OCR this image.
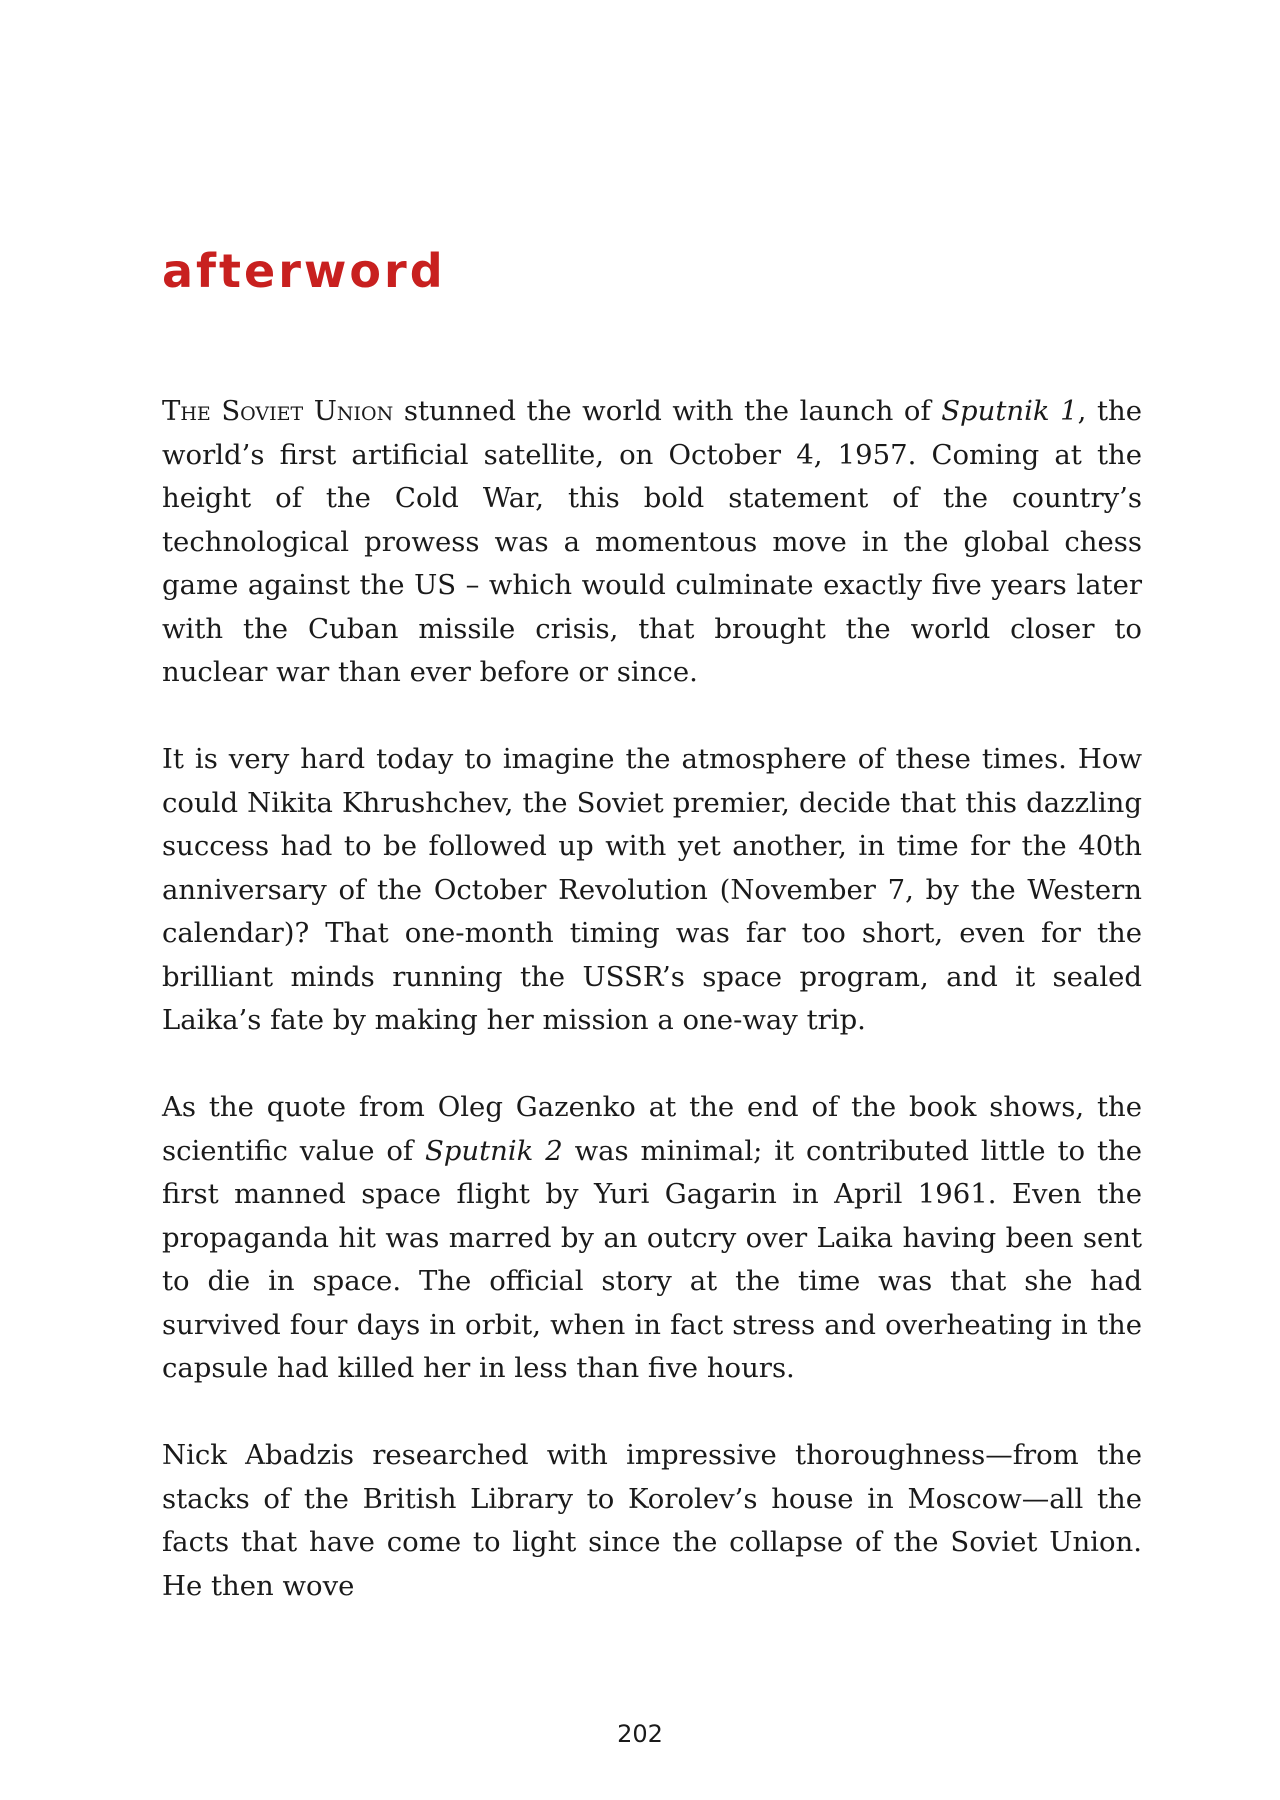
afterword

The Soviet Union stunned the world with the launch of Sputnik 1, the world’s first artificial satellite, on October 4, 1957. Coming at the height of the Cold War, this bold statement of the country’s technological prowess was a momentous move in the global chess game against the US – which would culminate exactly five years later with the Cuban missile crisis, that brought the world closer to nuclear war than ever before or since.

It is very hard today to imagine the atmosphere of these times. How could Nikita Khrushchev, the Soviet premier, decide that this dazzling success had to be followed up with yet another, in time for the 40th anniversary of the October Revolution (November 7, by the Western calendar)? That one-month timing was far too short, even for the brilliant minds running the USSR’s space program, and it sealed Laika’s fate by making her mission a one-way trip.

As the quote from Oleg Gazenko at the end of the book shows, the scientific value of Sputnik 2 was minimal; it contributed little to the first manned space flight by Yuri Gagarin in April 1961. Even the propaganda hit was marred by an outcry over Laika having been sent to die in space. The official story at the time was that she had survived four days in orbit, when in fact stress and overheating in the capsule had killed her in less than five hours.

Nick Abadzis researched with impressive thoroughness—from the stacks of the British Library to Korolev’s house in Moscow—all the facts that have come to light since the collapse of the Soviet Union. He then wove

202
